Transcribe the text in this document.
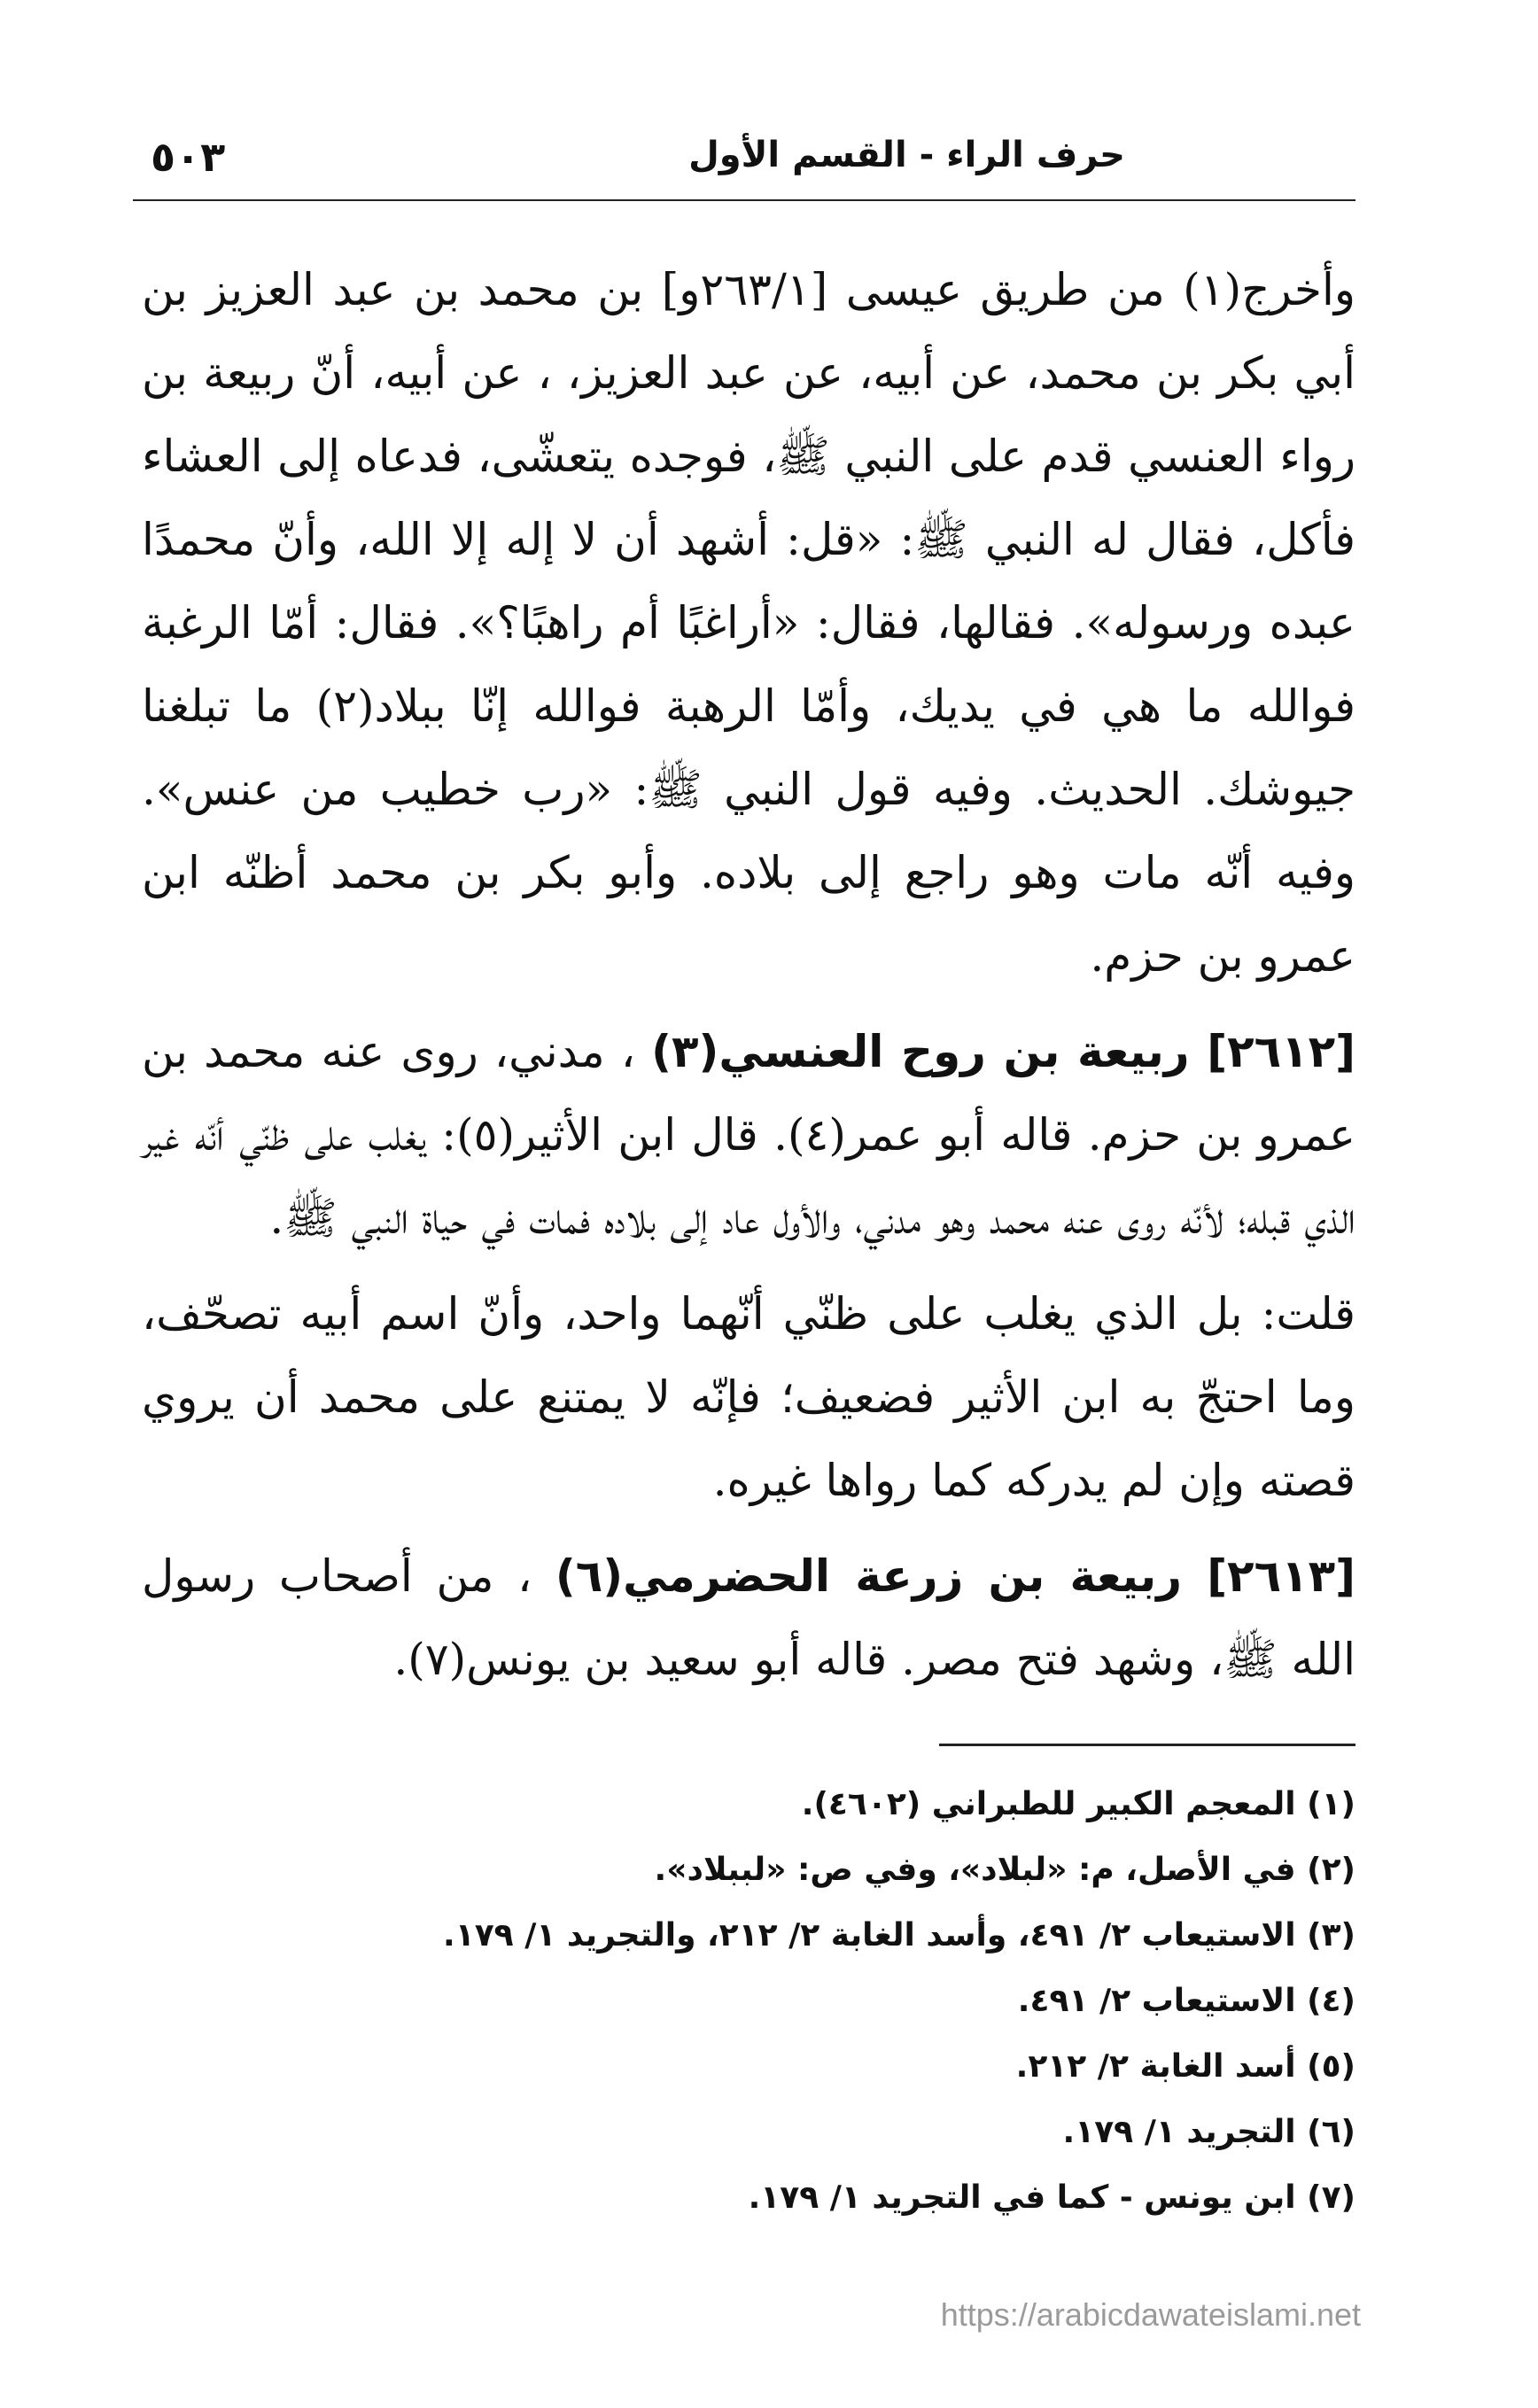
٥٠٣	حرف الراء - القسم الأول

وأخرج(١) من طريق عيسى [٢٦٣/١و] بن محمد بن عبد العزيز بن أبي بكر بن محمد، عن أبيه، عن عبد العزيز، ، عن أبيه، أنّ ربيعة بن رواء العنسي قدم على النبي ﷺ، فوجده يتعشّى، فدعاه إلى العشاء فأكل، فقال له النبي ﷺ: «قل: أشهد أن لا إله إلا الله، وأنّ محمدًا عبده ورسوله». فقالها، فقال: «أراغبًا أم راهبًا؟». فقال: أمّا الرغبة فوالله ما هي في يديك، وأمّا الرهبة فوالله إنّا ببلاد(٢) ما تبلغنا جيوشك. الحديث. وفيه قول النبي ﷺ: «رب خطيب من عنس». وفيه أنّه مات وهو راجع إلى بلاده. وأبو بكر بن محمد أظنّه ابن عمرو بن حزم.

[٢٦١٢] ربيعة بن روح العنسي(٣) ، مدني، روى عنه محمد بن عمرو بن حزم. قاله أبو عمر(٤). قال ابن الأثير(٥): يغلب على ظنّي أنّه غير الذي قبله؛ لأنّه روى عنه محمد وهو مدني، والأول عاد إلى بلاده فمات في حياة النبي ﷺ.

قلت: بل الذي يغلب على ظنّي أنّهما واحد، وأنّ اسم أبيه تصحّف، وما احتجّ به ابن الأثير فضعيف؛ فإنّه لا يمتنع على محمد أن يروي قصته وإن لم يدركه كما رواها غيره.

[٢٦١٣] ربيعة بن زرعة الحضرمي(٦) ، من أصحاب رسول الله ﷺ، وشهد فتح مصر. قاله أبو سعيد بن يونس(٧).

(١) المعجم الكبير للطبراني (٤٦٠٢).
(٢) في الأصل، م: «لبلاد»، وفي ص: «لببلاد».
(٣) الاستيعاب ٢/ ٤٩١، وأسد الغابة ٢/ ٢١٢، والتجريد ١/ ١٧٩.
(٤) الاستيعاب ٢/ ٤٩١.
(٥) أسد الغابة ٢/ ٢١٢.
(٦) التجريد ١/ ١٧٩.
(٧) ابن يونس - كما في التجريد ١/ ١٧٩.
https://arabicdawateislami.net
